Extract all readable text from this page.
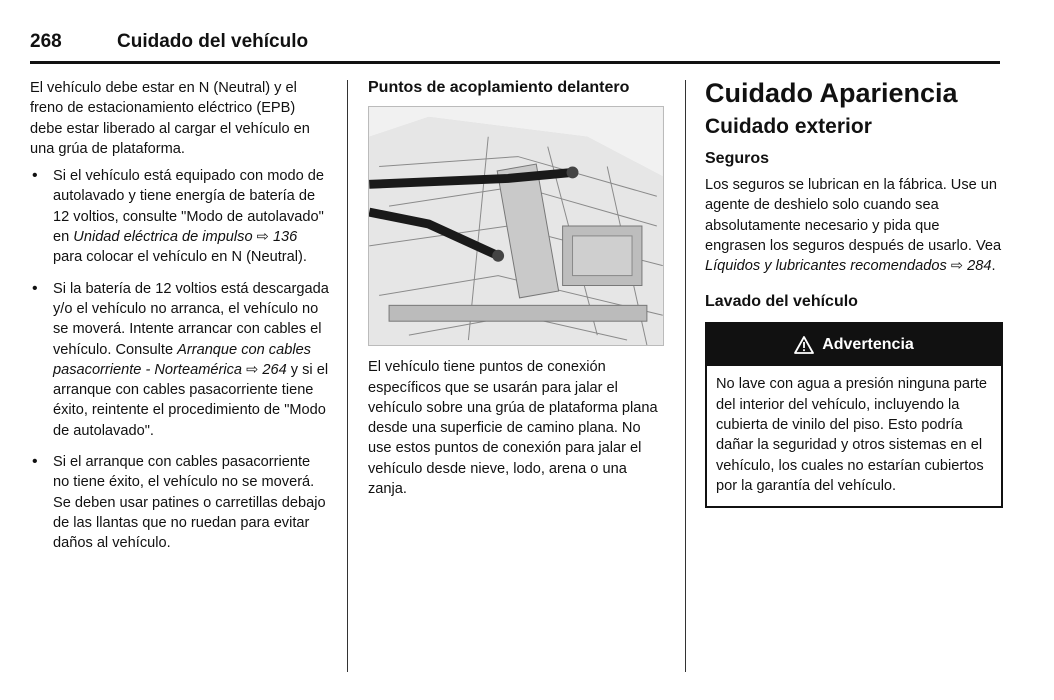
268	Cuidado del vehículo

El vehículo debe estar en N (Neutral) y el freno de estacionamiento eléctrico (EPB) debe estar liberado al cargar el vehículo en una grúa de plataforma.

• Si el vehículo está equipado con modo de autolavado y tiene energía de batería de 12 voltios, consulte "Modo de autolavado" en Unidad eléctrica de impulso ⇨ 136 para colocar el vehículo en N (Neutral).
• Si la batería de 12 voltios está descargada y/o el vehículo no arranca, el vehículo no se moverá. Intente arrancar con cables el vehículo. Consulte Arranque con cables pasacorriente - Norteamérica ⇨ 264 y si el arranque con cables pasacorriente tiene éxito, reintente el procedimiento de "Modo de autolavado".
• Si el arranque con cables pasacorriente no tiene éxito, el vehículo no se moverá. Se deben usar patines o carretillas debajo de las llantas que no ruedan para evitar daños al vehículo.
Puntos de acoplamiento delantero

El vehículo tiene puntos de conexión específicos que se usarán para jalar el vehículo sobre una grúa de plataforma plana desde una superficie de camino plana. No use estos puntos de conexión para jalar el vehículo desde nieve, lodo, arena o una zanja.

Cuidado Apariencia
Cuidado exterior
Seguros

Los seguros se lubrican en la fábrica. Use un agente de deshielo solo cuando sea absolutamente necesario y pida que engrasen los seguros después de usarlo. Vea Líquidos y lubricantes recomendados ⇨ 284.

Lavado del vehículo
Advertencia
No lave con agua a presión ninguna parte del interior del vehículo, incluyendo la cubierta de vinilo del piso. Esto podría dañar la seguridad y otros sistemas en el vehículo, los cuales no estarían cubiertos por la garantía del vehículo.
